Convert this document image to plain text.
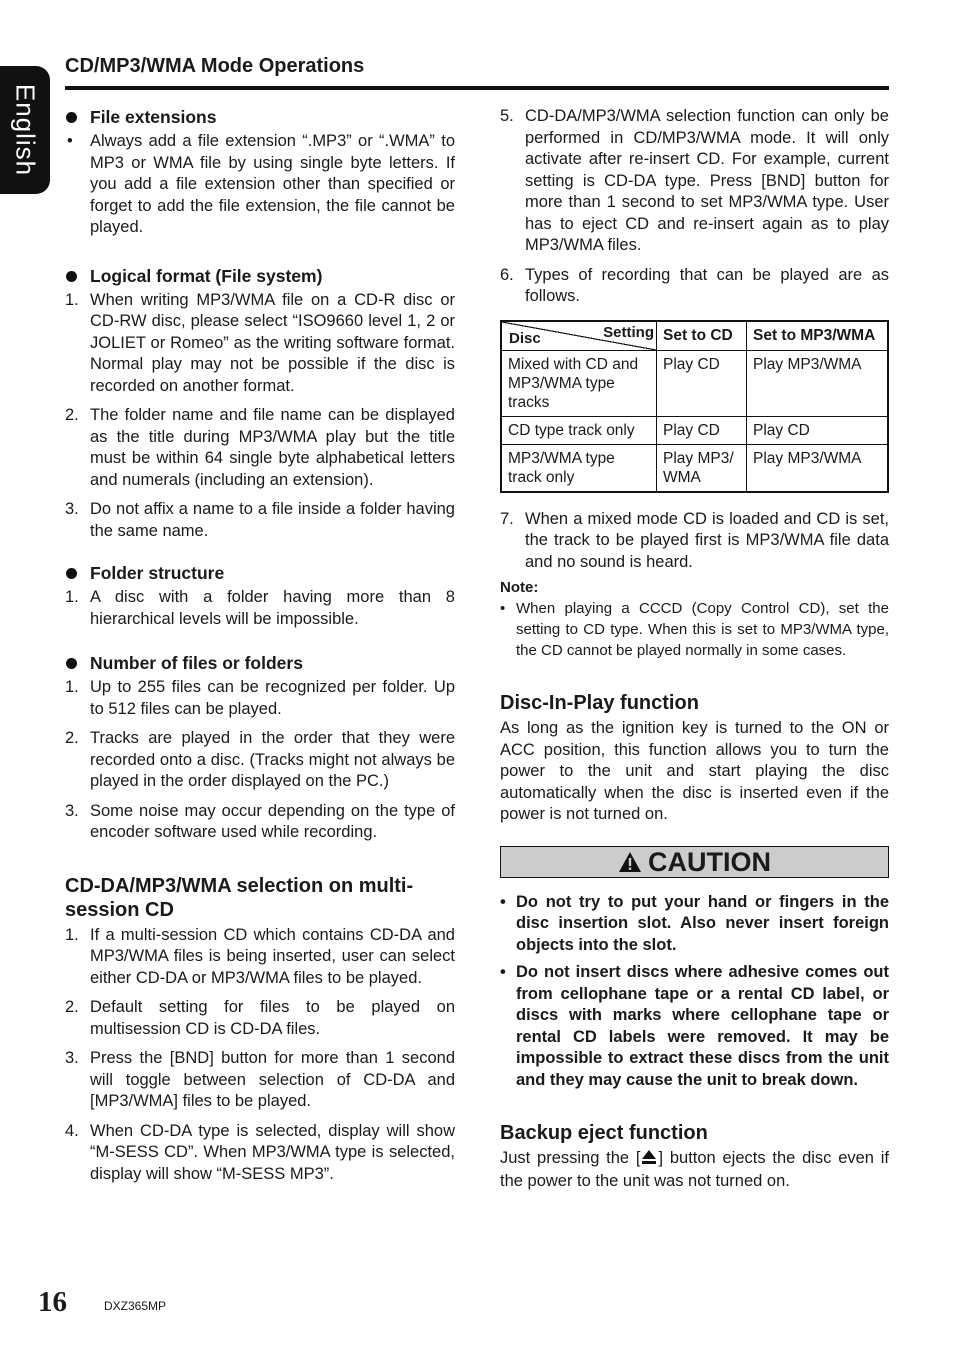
English
CD/MP3/WMA Mode Operations
File extensions
• Always add a file extension “.MP3” or “.WMA” to MP3 or WMA file by using single byte letters. If you add a file extension other than specified or forget to add the file extension, the file cannot be played.
Logical format (File system)
1. When writing MP3/WMA file on a CD-R disc or CD-RW disc, please select “ISO9660 level 1, 2 or JOLIET or Romeo” as the writing software format. Normal play may not be possible if the disc is recorded on another format.
2. The folder name and file name can be displayed as the title during MP3/WMA play but the title must be within 64 single byte alphabetical letters and numerals (including an extension).
3. Do not affix a name to a file inside a folder having the same name.
Folder structure
1. A disc with a folder having more than 8 hierarchical levels will be impossible.
Number of files or folders
1. Up to 255 files can be recognized per folder. Up to 512 files can be played.
2. Tracks are played in the order that they were recorded onto a disc. (Tracks might not always be played in the order displayed on the PC.)
3. Some noise may occur depending on the type of encoder software used while recording.
CD-DA/MP3/WMA selection on multi-session CD
1. If a multi-session CD which contains CD-DA and MP3/WMA files is being inserted, user can select either CD-DA or MP3/WMA files to be played.
2. Default setting for files to be played on multisession CD is CD-DA files.
3. Press the [BND] button for more than 1 second will toggle between selection of CD-DA and [MP3/WMA] files to be played.
4. When CD-DA type is selected, display will show “M-SESS CD”. When MP3/WMA type is selected, display will show “M-SESS MP3”.
5. CD-DA/MP3/WMA selection function can only be performed in CD/MP3/WMA mode. It will only activate after re-insert CD. For example, current setting is CD-DA type. Press [BND] button for more than 1 second to set MP3/WMA type. User has to eject CD and re-insert again as to play MP3/WMA files.
6. Types of recording that can be played are as follows.
Setting
Disc	Set to CD	Set to MP3/WMA
Mixed with CD and MP3/WMA type tracks	Play CD	Play MP3/WMA
CD type track only	Play CD	Play CD
MP3/WMA type track only	Play MP3/ WMA	Play MP3/WMA
7. When a mixed mode CD is loaded and CD is set, the track to be played first is MP3/WMA file data and no sound is heard.
Note:
• When playing a CCCD (Copy Control CD), set the setting to CD type. When this is set to MP3/WMA type, the CD cannot be played normally in some cases.
Disc-In-Play function

As long as the ignition key is turned to the ON or ACC position, this function allows you to turn the power to the unit and start playing the disc automatically when the disc is inserted even if the power is not turned on.

CAUTION
• Do not try to put your hand or fingers in the disc insertion slot. Also never insert foreign objects into the slot.
• Do not insert discs where adhesive comes out from cellophane tape or a rental CD label, or discs with marks where cellophane tape or rental CD labels were removed. It may be impossible to extract these discs from the unit and they may cause the unit to break down.
Backup eject function

Just pressing the [ ] button ejects the disc even if the power to the unit was not turned on.

16	DXZ365MP
